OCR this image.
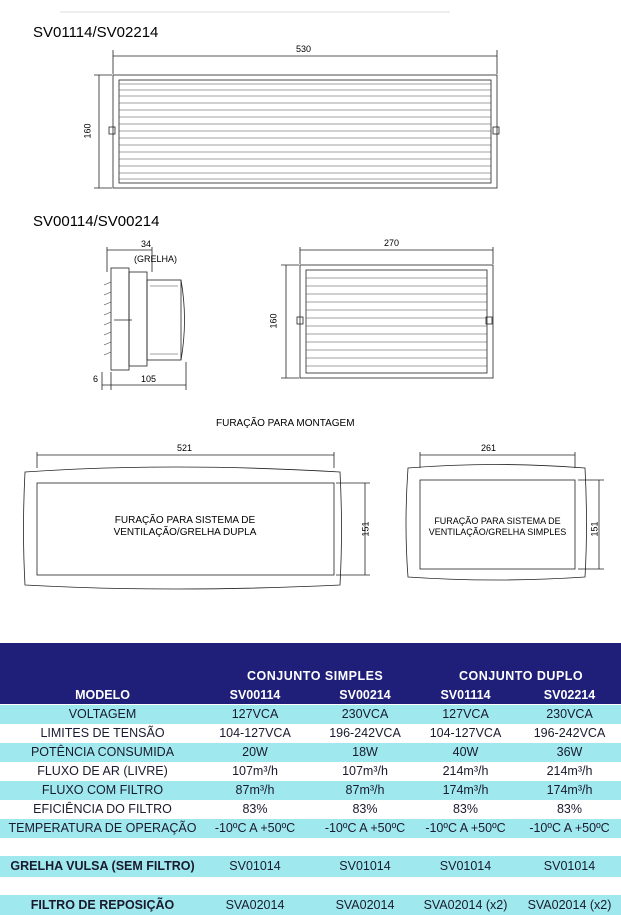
SV01114/SV02214
SV00114/SV00214
530
160
34
(GRELHA)
6	105
270
160
FURAÇÃO PARA MONTAGEM
521
151
261
151
FURAÇÃO PARA SISTEMA DE
VENTILAÇÃO/GRELHA DUPLA
FURAÇÃO PARA SISTEMA DE
VENTILAÇÃO/GRELHA SIMPLES
CONJUNTO SIMPLES	CONJUNTO DUPLO
MODELO	SV00114	SV00214	SV01114	SV02214
VOLTAGEM	127VCA	230VCA	127VCA	230VCA
LIMITES DE TENSÃO	104-127VCA	196-242VCA	104-127VCA	196-242VCA
POTÊNCIA CONSUMIDA	20W	18W	40W	36W
FLUXO DE AR (LIVRE)	107m³/h	107m³/h	214m³/h	214m³/h
FLUXO COM FILTRO	87m³/h	87m³/h	174m³/h	174m³/h
EFICIÊNCIA DO FILTRO	83%	83%	83%	83%
TEMPERATURA DE OPERAÇÃO	-10ºC A +50ºC	-10ºC A +50ºC	-10ºC A +50ºC	-10ºC A +50ºC
GRELHA VULSA (SEM FILTRO)	SV01014	SV01014	SV01014	SV01014
FILTRO DE REPOSIÇÃO	SVA02014	SVA02014	SVA02014 (x2)	SVA02014 (x2)
